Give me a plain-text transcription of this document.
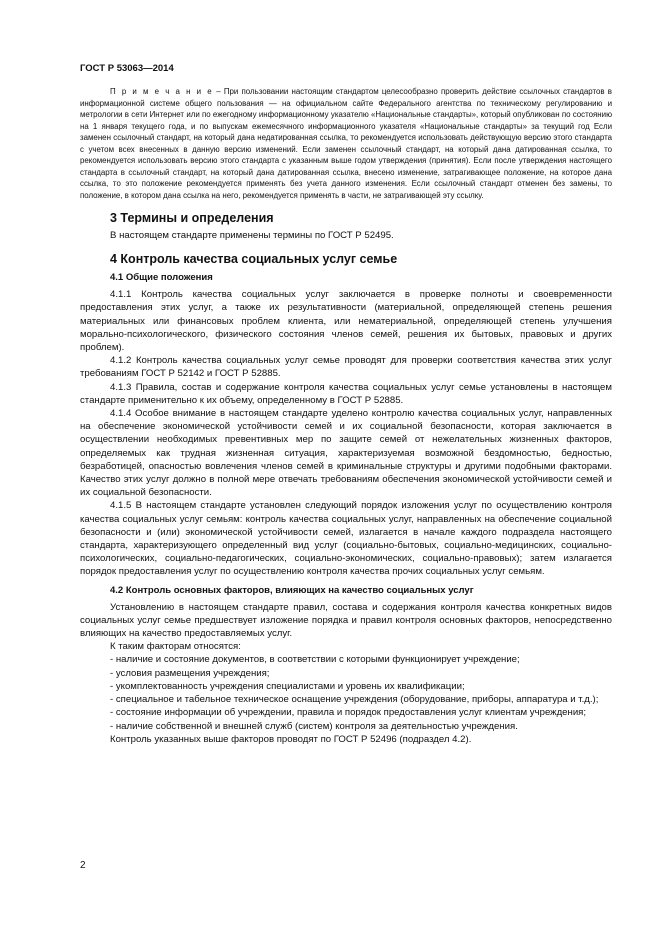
ГОСТ Р 53063—2014

П р и м е ч а н и е – При пользовании настоящим стандартом целесообразно проверить действие ссылочных стандартов в информационной системе общего пользования — на официальном сайте Федерального агентства по техническому регулированию и метрологии в сети Интернет или по ежегодному информационному указателю «Национальные стандарты», который опубликован по состоянию на 1 января текущего года, и по выпускам ежемесячного информационного указателя «Национальные стандарты» за текущий год Если заменен ссылочный стандарт, на который дана недатированная ссылка, то рекомендуется использовать действующую версию этого стандарта с учетом всех внесенных в данную версию изменений. Если заменен ссылочный стандарт, на который дана датированная ссылка, то рекомендуется использовать версию этого стандарта с указанным выше годом утверждения (принятия). Если после утверждения настоящего стандарта в ссылочный стандарт, на который дана датированная ссылка, внесено изменение, затрагивающее положение, на которое дана ссылка, то это положение рекомендуется применять без учета данного изменения. Если ссылочный стандарт отменен без замены, то положение, в котором дана ссылка на него, рекомендуется применять в части, не затрагивающей эту ссылку.

3 Термины и определения

В настоящем стандарте применены термины по ГОСТ Р 52495.

4 Контроль качества социальных услуг семье
4.1 Общие положения

4.1.1 Контроль качества социальных услуг заключается в проверке полноты и своевременности предоставления этих услуг, а также их результативности (материальной, определяющей степень решения материальных или финансовых проблем клиента, или нематериальной, определяющей степень улучшения морально-психологического, физического состояния членов семей, решения их бытовых, правовых и других проблем).

4.1.2 Контроль качества социальных услуг семье проводят для проверки соответствия качества этих услуг требованиям ГОСТ Р 52142 и ГОСТ Р 52885.

4.1.3 Правила, состав и содержание контроля качества социальных услуг семье установлены в настоящем стандарте применительно к их объему, определенному в ГОСТ Р 52885.

4.1.4 Особое внимание в настоящем стандарте уделено контролю качества социальных услуг, направленных на обеспечение экономической устойчивости семей и их социальной безопасности, которая заключается в осуществлении необходимых превентивных мер по защите семей от нежелательных жизненных факторов, определяемых как трудная жизненная ситуация, характеризуемая возможной бездомностью, бедностью, безработицей, опасностью вовлечения членов семей в криминальные структуры и другими подобными факторами. Качество этих услуг должно в полной мере отвечать требованиям обеспечения экономической устойчивости семей и их социальной безопасности.

4.1.5 В настоящем стандарте установлен следующий порядок изложения услуг по осуществлению контроля качества социальных услуг семьям: контроль качества социальных услуг, направленных на обеспечение социальной безопасности и (или) экономической устойчивости семей, излагается в начале каждого подраздела настоящего стандарта, характеризующего определенный вид услуг (социально-бытовых, социально-медицинских, социально-психологических, социально-педагогических, социально-экономических, социально-правовых); затем излагается порядок предоставления услуг по осуществлению контроля качества прочих социальных услуг семьям.

4.2 Контроль основных факторов, влияющих на качество социальных услуг

Установлению в настоящем стандарте правил, состава и содержания контроля качества конкретных видов социальных услуг семье предшествует изложение порядка и правил контроля основных факторов, непосредственно влияющих на качество предоставляемых услуг.

К таким факторам относятся:

- наличие и состояние документов, в соответствии с которыми функционирует учреждение;

- условия размещения учреждения;

- укомплектованность учреждения специалистами и уровень их квалификации;

- специальное и табельное техническое оснащение учреждения (оборудование, приборы, аппаратура и т.д.);

- состояние информации об учреждении, правила и порядок предоставления услуг клиентам учреждения;

- наличие собственной и внешней служб (систем) контроля за деятельностью учреждения.

Контроль указанных выше факторов проводят по ГОСТ Р 52496 (подраздел 4.2).

2
